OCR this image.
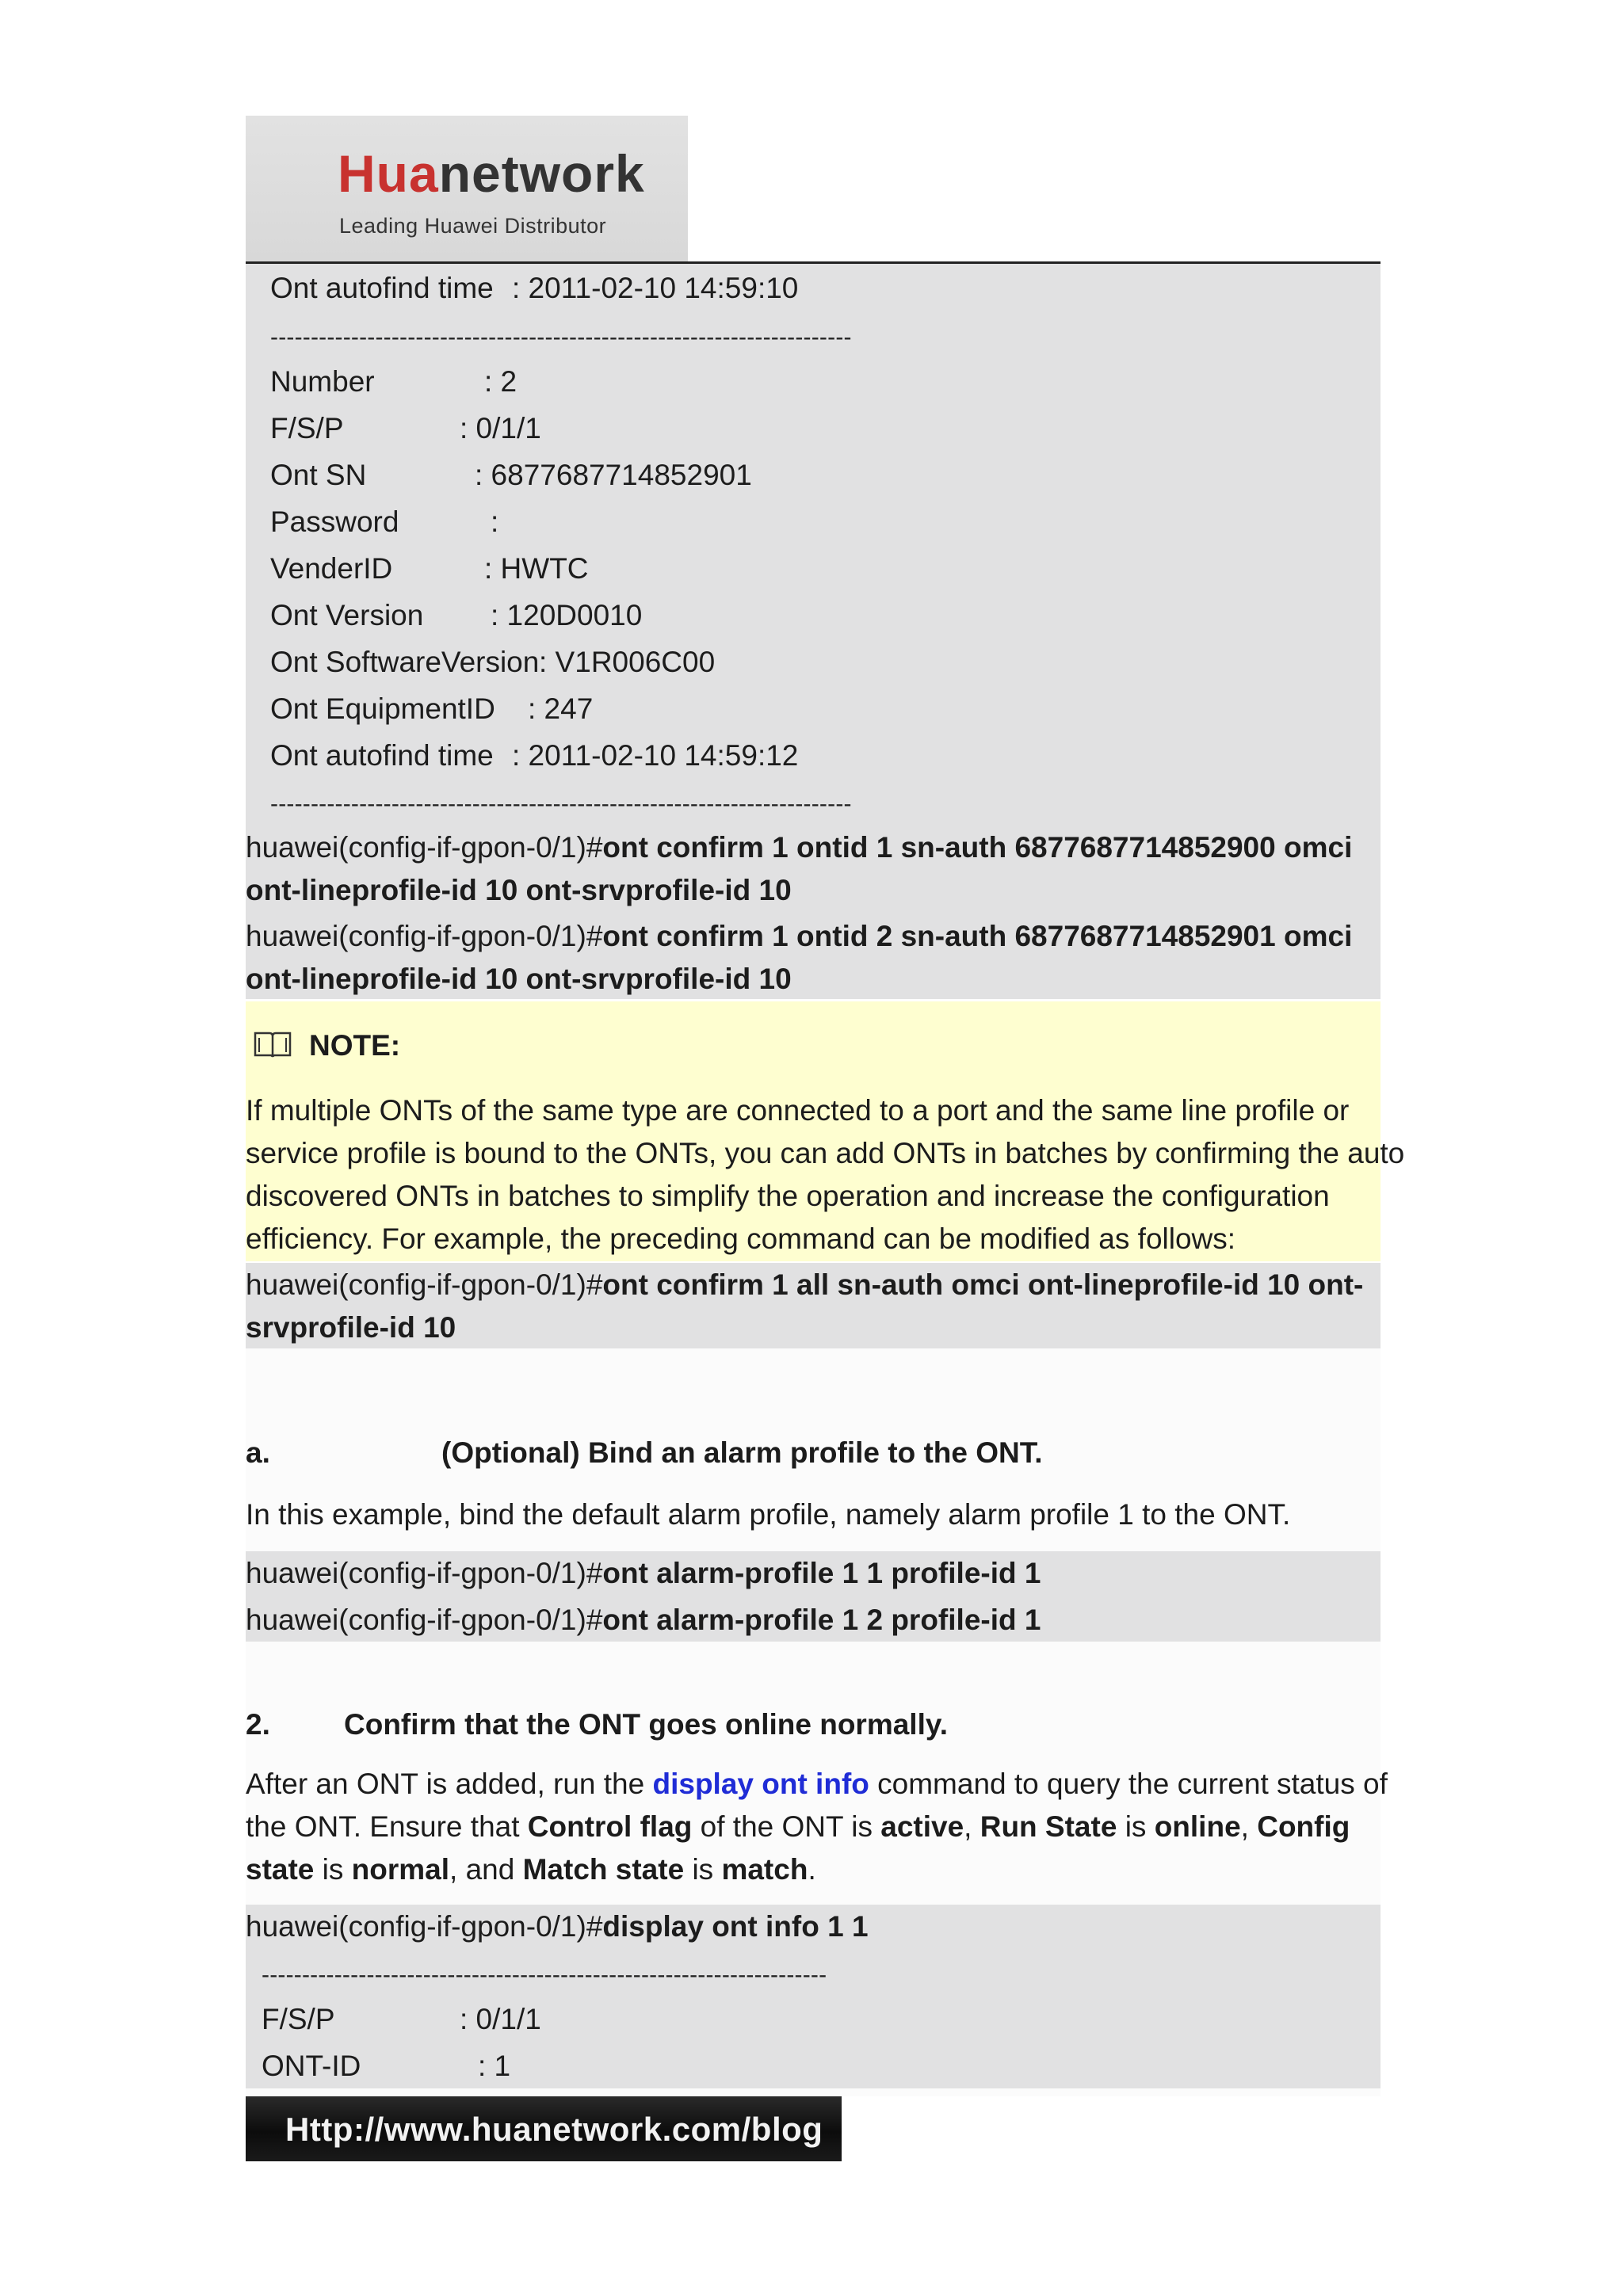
Huanetwork
Leading Huawei Distributor
Ont autofind time : 2011-02-10 14:59:10
------------------------------------------------------------------------
Number	: 2
F/S/P	: 0/1/1
Ont SN	: 6877687714852901
Password	:
VenderID	: HWTC
Ont Version : 120D0010
Ont SoftwareVersion : V1R006C00
Ont EquipmentID : 247
Ont autofind time : 2011-02-10 14:59:12
------------------------------------------------------------------------
huawei(config-if-gpon-0/1)#ont confirm 1 ontid 1 sn-auth 6877687714852900 omci
ont-lineprofile-id 10 ont-srvprofile-id 10
huawei(config-if-gpon-0/1)#ont confirm 1 ontid 2 sn-auth 6877687714852901 omci
ont-lineprofile-id 10 ont-srvprofile-id 10
NOTE:
If multiple ONTs of the same type are connected to a port and the same line profile or
service profile is bound to the ONTs, you can add ONTs in batches by confirming the auto
discovered ONTs in batches to simplify the operation and increase the configuration
efficiency. For example, the preceding command can be modified as follows:
huawei(config-if-gpon-0/1)#ont confirm 1 all sn-auth omci ont-lineprofile-id 10 ont-
srvprofile-id 10
a.	(Optional) Bind an alarm profile to the ONT.
In this example, bind the default alarm profile, namely alarm profile 1 to the ONT.
huawei(config-if-gpon-0/1)#ont alarm-profile 1 1 profile-id 1
huawei(config-if-gpon-0/1)#ont alarm-profile 1 2 profile-id 1
2.	Confirm that the ONT goes online normally.
After an ONT is added, run the display ont info command to query the current status of
the ONT. Ensure that Control flag of the ONT is active, Run State is online, Config
state is normal, and Match state is match.
huawei(config-if-gpon-0/1)#display ont info 1 1
----------------------------------------------------------------------
F/S/P	: 0/1/1
ONT-ID	: 1
Http://www.huanetwork.com/blog
